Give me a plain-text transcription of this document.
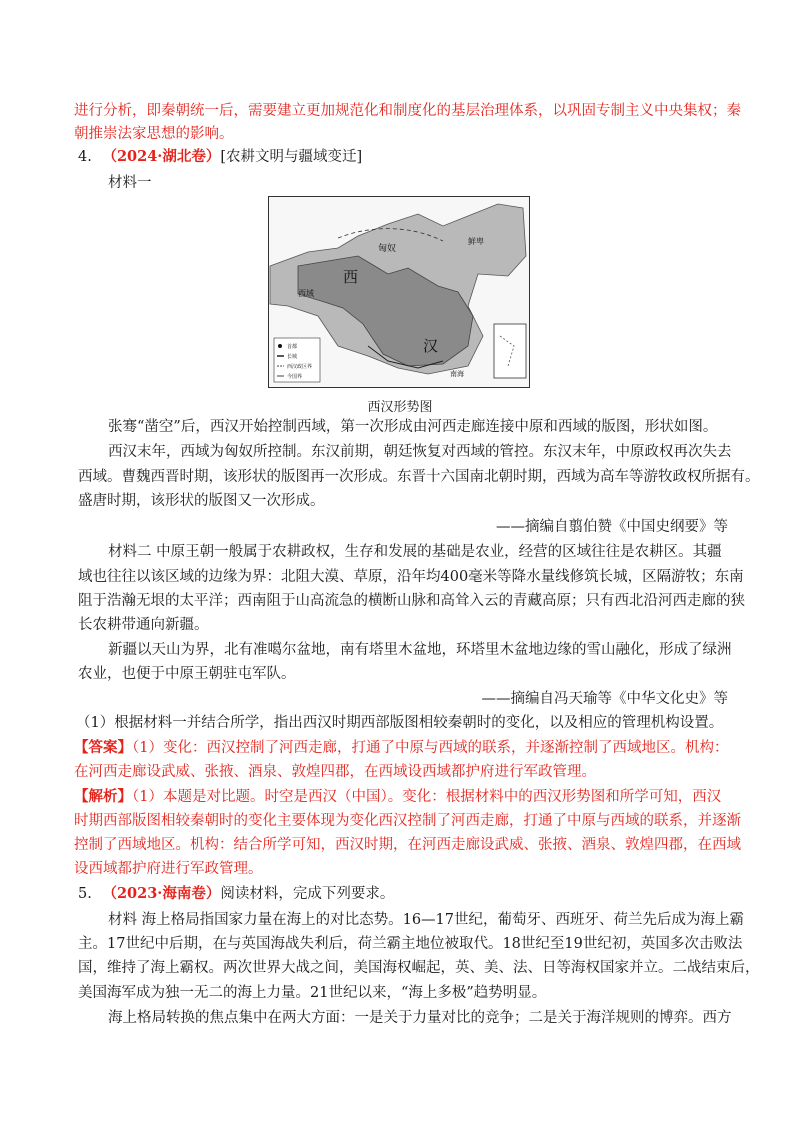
进行分析，即秦朝统一后，需要建立更加规范化和制度化的基层治理体系，以巩固专制主义中央集权；秦
朝推崇法家思想的影响。
4. （2024·湖北卷）[农耕文明与疆域变迁]
材料一
匈奴
鲜卑
西
西域
汉
南海
首都
长城
西汉政区界
今国界
西汉形势图
张骞“凿空”后，西汉开始控制西域，第一次形成由河西走廊连接中原和西域的版图，形状如图。
西汉末年，西域为匈奴所控制。东汉前期，朝廷恢复对西域的管控。东汉末年，中原政权再次失去
西域。曹魏西晋时期，该形状的版图再一次形成。东晋十六国南北朝时期，西域为高车等游牧政权所据有。
盛唐时期，该形状的版图又一次形成。
——摘编自翦伯赞《中国史纲要》等
材料二 中原王朝一般属于农耕政权，生存和发展的基础是农业，经营的区域往往是农耕区。其疆
域也往往以该区域的边缘为界：北阻大漠、草原，沿年均400毫米等降水量线修筑长城，区隔游牧；东南
阻于浩瀚无垠的太平洋；西南阻于山高流急的横断山脉和高耸入云的青藏高原；只有西北沿河西走廊的狭
长农耕带通向新疆。
新疆以天山为界，北有准噶尔盆地，南有塔里木盆地，环塔里木盆地边缘的雪山融化，形成了绿洲
农业，也便于中原王朝驻屯军队。
——摘编自冯天瑜等《中华文化史》等
（1）根据材料一并结合所学，指出西汉时期西部版图相较秦朝时的变化，以及相应的管理机构设置。
【答案】（1）变化：西汉控制了河西走廊，打通了中原与西域的联系，并逐渐控制了西域地区。机构：
在河西走廊设武威、张掖、酒泉、敦煌四郡，在西域设西域都护府进行军政管理。
【解析】（1）本题是对比题。时空是西汉（中国）。变化：根据材料中的西汉形势图和所学可知，西汉
时期西部版图相较秦朝时的变化主要体现为变化西汉控制了河西走廊，打通了中原与西域的联系，并逐渐
控制了西域地区。机构：结合所学可知，西汉时期，在河西走廊设武威、张掖、酒泉、敦煌四郡，在西域
设西域都护府进行军政管理。
5. （2023·海南卷）阅读材料，完成下列要求。
材料 海上格局指国家力量在海上的对比态势。16—17世纪，葡萄牙、西班牙、荷兰先后成为海上霸
主。17世纪中后期，在与英国海战失利后，荷兰霸主地位被取代。18世纪至19世纪初，英国多次击败法
国，维持了海上霸权。两次世界大战之间，美国海权崛起，英、美、法、日等海权国家并立。二战结束后，
美国海军成为独一无二的海上力量。21世纪以来，“海上多极”趋势明显。
海上格局转换的焦点集中在两大方面：一是关于力量对比的竞争；二是关于海洋规则的博弈。西方
